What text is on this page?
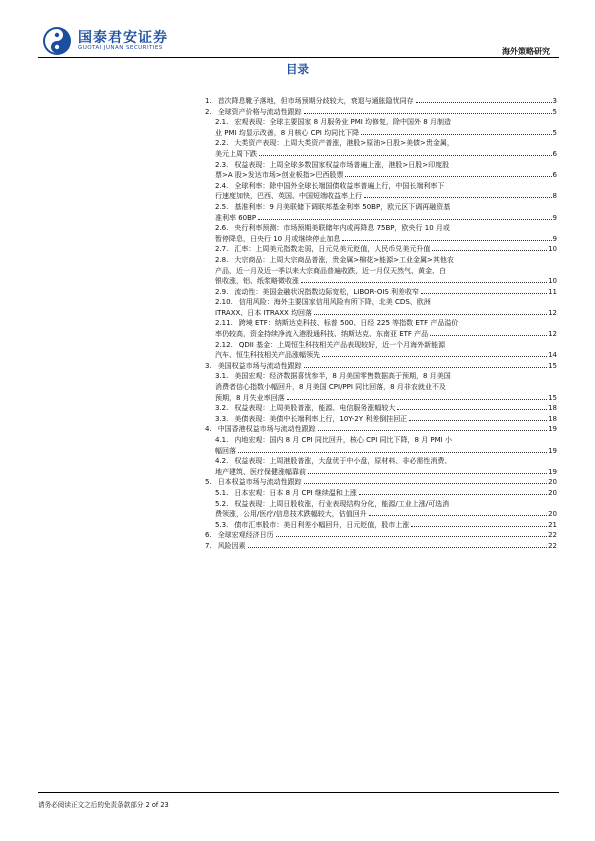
国泰君安证券
GUOTAI JUNAN SECURITIES	海外策略研究
目录
1. 首次降息靴子落地，但市场预期分歧较大，衰退与通胀隐忧同存	3
2. 全球资产价格与流动性跟踪	5
2.1. 宏观表现：全球主要国家 8 月服务业 PMI 均修复，除中国外 8 月制造
业 PMI 均显示改善，8 月核心 CPI 均同比下降	5
2.2. 大类资产表现：上周大类资产普涨，港股>原油>日股>美债>贵金属，
美元上周下跌	6
2.3. 权益表现：上周全球多数国家权益市场普遍上涨，港股>日股>印度股
票>A 股>发达市场>创业板指>巴西股票	6
2.4. 全球利率：除中国外全球长端国债收益率普遍上行，中国长端利率下
行速度加快，巴西、英国、中国短端收益率上行	8
2.5. 基准利率：9 月美联储下调联邦基金利率 50BP，欧元区下调再融资基
准利率 60BP	9
2.6. 央行利率预测：市场预期美联储年内或再降息 75BP，欧央行 10 月或
暂停降息，日央行 10 月或继续停止加息	9
2.7. 汇率：上周美元指数走弱，日元兑美元贬值，人民币兑美元升值	10
2.8. 大宗商品：上周大宗商品普涨，贵金属>棉花>能源>工业金属>其他农
产品，近一月及近一季以来大宗商品普遍收跌，近一月仅天然气、黄金、白
银收涨，铝、纸浆略微收涨	10
2.9. 流动性：美国金融状况指数边际宽松，LIBOR-OIS 利差收窄	11
2.10. 信用风险：海外主要国家信用风险有所下降，北美 CDS、欧洲
ITRAXX、日本 ITRAXX 均回落	12
2.11. 跨境 ETF：纳斯达克科技、标普 500、日经 225 等指数 ETF 产品溢价
率仍较高，资金持续净流入港股通科技、纳斯达克、东南亚 ETF 产品	12
2.12. QDII 基金：上周恒生科技相关产品表现较好，近一个月海外新能源
汽车、恒生科技相关产品涨幅领先	14
3. 美国权益市场与流动性跟踪	15
3.1. 美国宏观：经济数据喜忧参半，8 月美国零售数据高于预期，8 月美国
消费者信心指数小幅回升，8 月美国 CPI/PPI 同比回落，8 月非农就业不及
预期，8 月失业率回落	15
3.2. 权益表现：上周美股普涨，能源、电信服务涨幅较大	18
3.3. 美债表现：美债中长端利率上行，10Y-2Y 利差倒挂回正	18
4. 中国香港权益市场与流动性跟踪	19
4.1. 内地宏观：国内 8 月 CPI 同比回升，核心 CPI 同比下降，8 月 PMI 小
幅回落	19
4.2. 权益表现：上周港股普涨，大盘优于中小盘，原材料、非必需性消费、
地产建筑、医疗保健涨幅靠前	19
5. 日本权益市场与流动性跟踪	20
5.1. 日本宏观：日本 8 月 CPI 继续温和上涨	20
5.2. 权益表现：上周日股收涨，行业表现结构分化，能源/工业上涨/可选消
费领涨，公用/医疗/信息技术跌幅较大，估值回升	20
5.3. 债市汇率股市：美日利差小幅回升，日元贬值，股市上涨	21
6. 全球宏观经济日历	22
7. 风险因素	22
请务必阅读正文之后的免责条款部分 2 of 23
